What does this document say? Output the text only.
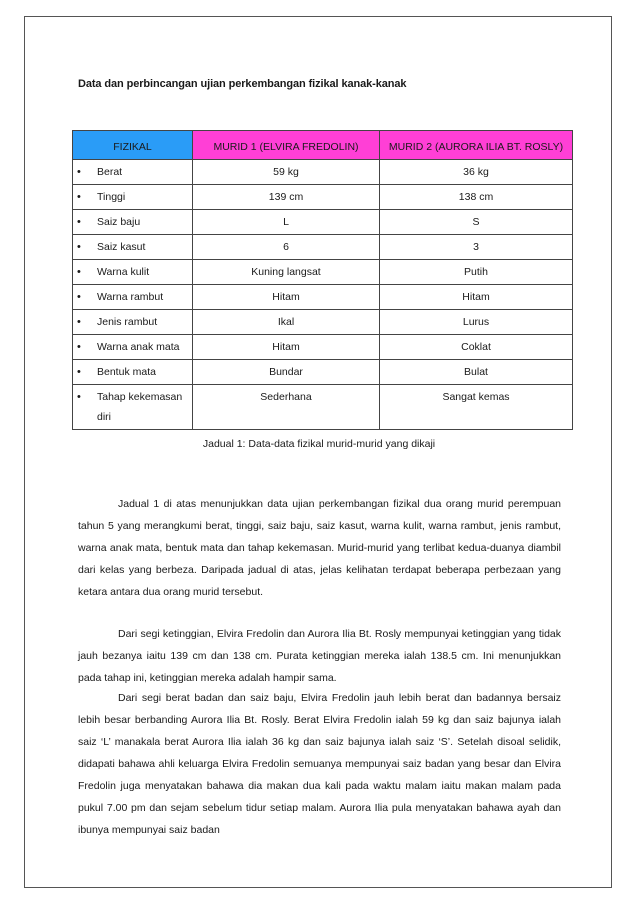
Data dan perbincangan ujian perkembangan fizikal kanak-kanak
FIZIKAL	MURID 1 (ELVIRA FREDOLIN)	MURID 2 (AURORA ILIA BT. ROSLY)
• Berat	59 kg	36 kg
• Tinggi	139 cm	138 cm
• Saiz baju	L	S
• Saiz kasut	6	3
• Warna kulit	Kuning langsat	Putih
• Warna rambut	Hitam	Hitam
• Jenis rambut	Ikal	Lurus
• Warna anak mata	Hitam	Coklat
• Bentuk mata	Bundar	Bulat
• Tahap kekemasan diri	Sederhana	Sangat kemas
Jadual 1: Data-data fizikal murid-murid yang dikaji

Jadual 1 di atas menunjukkan data ujian perkembangan fizikal dua orang murid perempuan tahun 5 yang merangkumi berat, tinggi, saiz baju, saiz kasut, warna kulit, warna rambut, jenis rambut, warna anak mata, bentuk mata dan tahap kekemasan. Murid-murid yang terlibat kedua-duanya diambil dari kelas yang berbeza. Daripada jadual di atas, jelas kelihatan terdapat beberapa perbezaan yang ketara antara dua orang murid tersebut.

Dari segi ketinggian, Elvira Fredolin dan Aurora Ilia Bt. Rosly mempunyai ketinggian yang tidak jauh bezanya iaitu 139 cm dan 138 cm. Purata ketinggian mereka ialah 138.5 cm. Ini menunjukkan pada tahap ini, ketinggian mereka adalah hampir sama.

Dari segi berat badan dan saiz baju, Elvira Fredolin jauh lebih berat dan badannya bersaiz lebih besar berbanding Aurora Ilia Bt. Rosly. Berat Elvira Fredolin ialah 59 kg dan saiz bajunya ialah saiz ‘L’ manakala berat Aurora Ilia ialah 36 kg dan saiz bajunya ialah saiz ‘S’. Setelah disoal selidik, didapati bahawa ahli keluarga Elvira Fredolin semuanya mempunyai saiz badan yang besar dan Elvira Fredolin juga menyatakan bahawa dia makan dua kali pada waktu malam iaitu makan malam pada pukul 7.00 pm dan sejam sebelum tidur setiap malam. Aurora Ilia pula menyatakan bahawa ayah dan ibunya mempunyai saiz badan
